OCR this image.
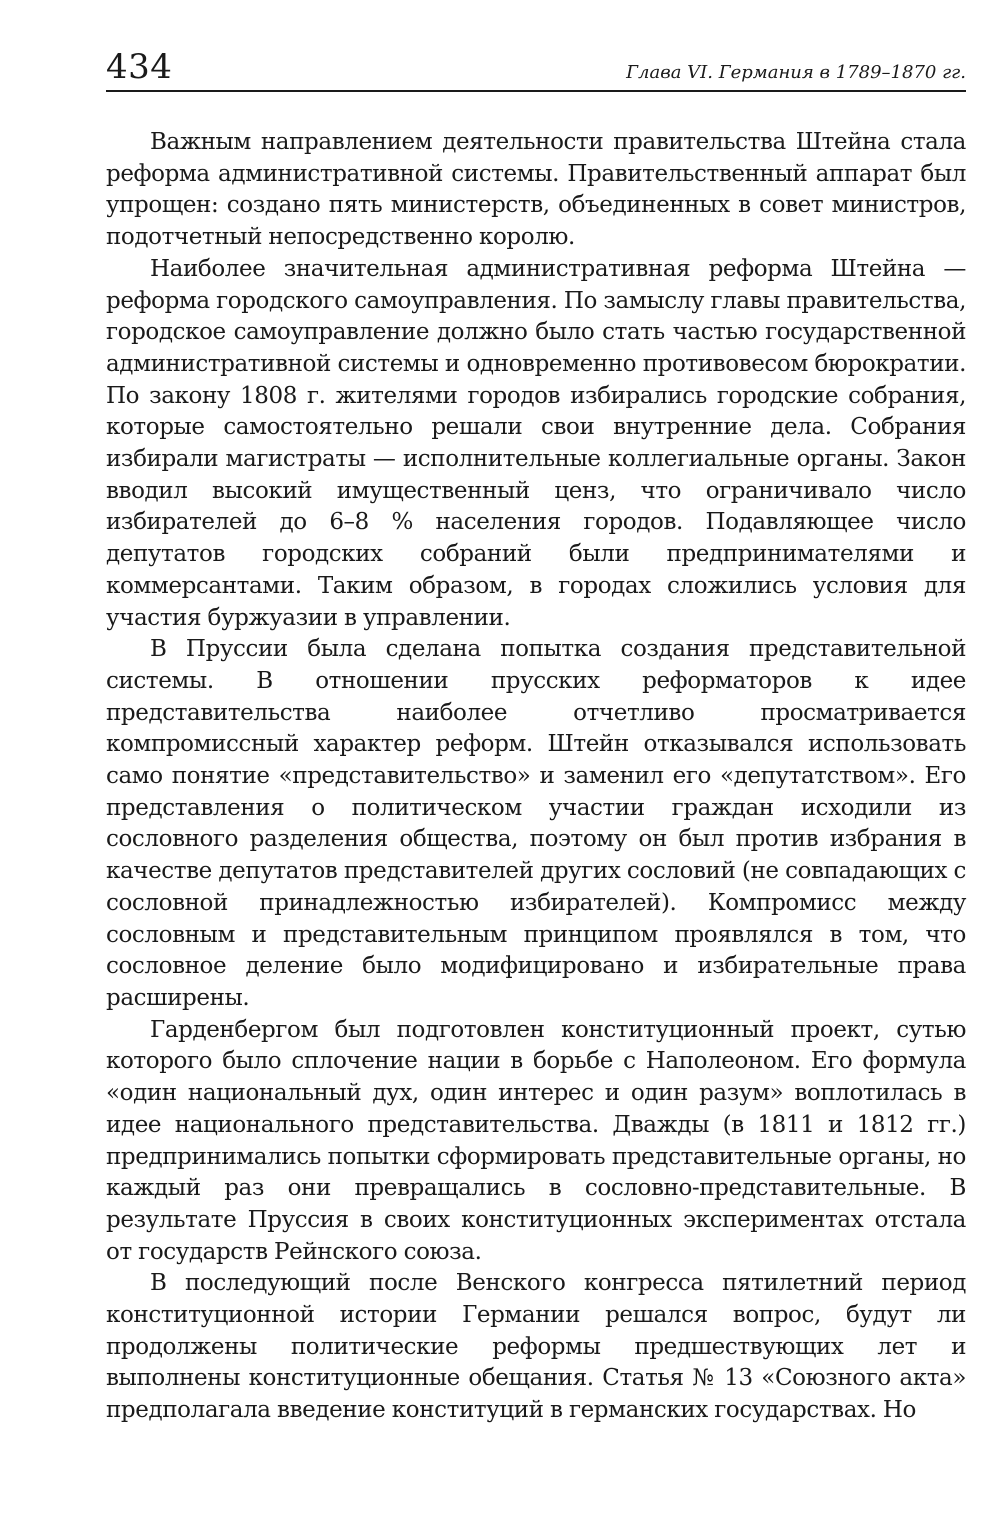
434	Глава VI. Германия в 1789–1870 гг.

Важным направлением деятельности правительства Штейна стала реформа административной системы. Правительственный аппарат был упрощен: создано пять министерств, объединенных в совет министров, подотчетный непосредственно королю.

Наиболее значительная административная реформа Штейна — реформа городского самоуправления. По замыслу главы правительства, городское самоуправление должно было стать частью государственной административной системы и одновременно противовесом бюрократии. По закону 1808 г. жителями городов избирались городские собрания, которые самостоятельно решали свои внутренние дела. Собрания избирали магистраты — исполнительные коллегиальные органы. Закон вводил высокий имущественный ценз, что ограничивало число избирателей до 6–8 % населения городов. Подавляющее число депутатов городских собраний были предпринимателями и коммерсантами. Таким образом, в городах сложились условия для участия буржуазии в управлении.

В Пруссии была сделана попытка создания представительной системы. В отношении прусских реформаторов к идее представительства наиболее отчетливо просматривается компромиссный характер реформ. Штейн отказывался использовать само понятие «представительство» и заменил его «депутатством». Его представления о политическом участии граждан исходили из сословного разделения общества, поэтому он был против избрания в качестве депутатов представителей других сословий (не совпадающих с сословной принадлежностью избирателей). Компромисс между сословным и представительным принципом проявлялся в том, что сословное деление было модифицировано и избирательные права расширены.

Гарденбергом был подготовлен конституционный проект, сутью которого было сплочение нации в борьбе с Наполеоном. Его формула «один национальный дух, один интерес и один разум» воплотилась в идее национального представительства. Дважды (в 1811 и 1812 гг.) предпринимались попытки сформировать представительные органы, но каждый раз они превращались в сословно-представительные. В результате Пруссия в своих конституционных экспериментах отстала от государств Рейнского союза.

В последующий после Венского конгресса пятилетний период конституционной истории Германии решался вопрос, будут ли продолжены политические реформы предшествующих лет и выполнены конституционные обещания. Статья № 13 «Союзного акта» предполагала введение конституций в германских государствах. Но
